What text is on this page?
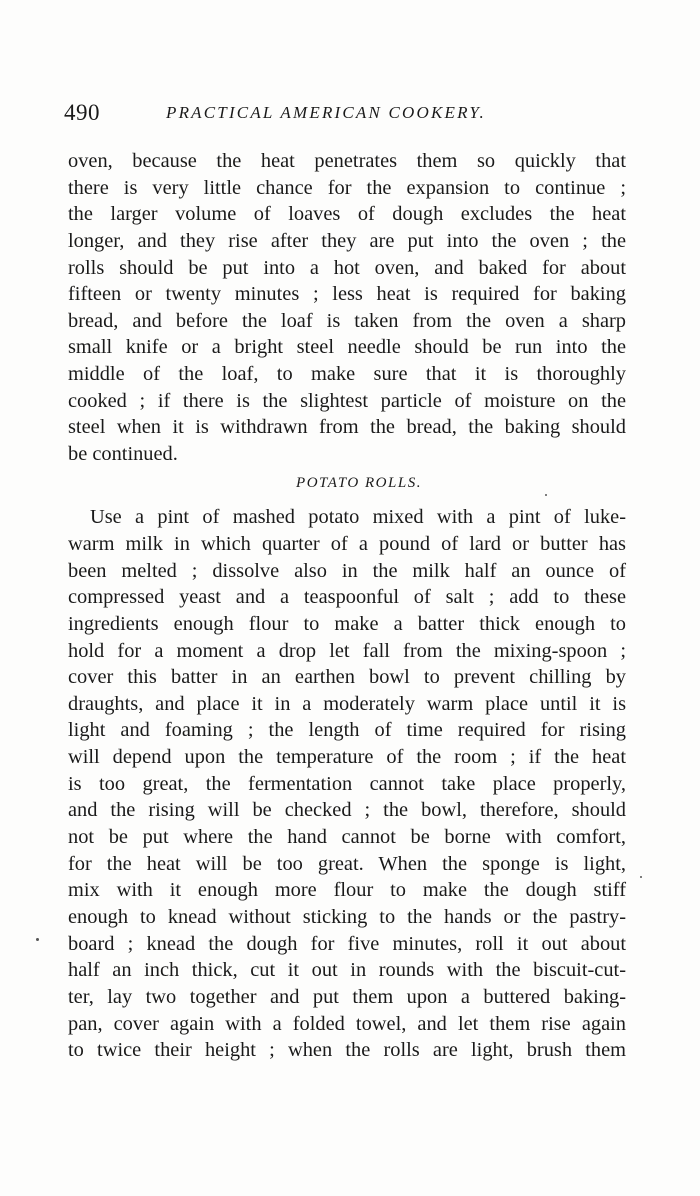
490	PRACTICAL AMERICAN COOKERY.
oven, because the heat penetrates them so quickly that
there is very little chance for the expansion to continue ;
the larger volume of loaves of dough excludes the heat
longer, and they rise after they are put into the oven ; the
rolls should be put into a hot oven, and baked for about
fifteen or twenty minutes ; less heat is required for baking
bread, and before the loaf is taken from the oven a sharp
small knife or a bright steel needle should be run into the
middle of the loaf, to make sure that it is thoroughly
cooked ; if there is the slightest particle of moisture on the
steel when it is withdrawn from the bread, the baking should
be continued.
POTATO ROLLS.
Use a pint of mashed potato mixed with a pint of luke-
warm milk in which quarter of a pound of lard or butter has
been melted ; dissolve also in the milk half an ounce of
compressed yeast and a teaspoonful of salt ; add to these
ingredients enough flour to make a batter thick enough to
hold for a moment a drop let fall from the mixing-spoon ;
cover this batter in an earthen bowl to prevent chilling by
draughts, and place it in a moderately warm place until it is
light and foaming ; the length of time required for rising
will depend upon the temperature of the room ; if the heat
is too great, the fermentation cannot take place properly,
and the rising will be checked ; the bowl, therefore, should
not be put where the hand cannot be borne with comfort,
for the heat will be too great. When the sponge is light,
mix with it enough more flour to make the dough stiff
enough to knead without sticking to the hands or the pastry-
board ; knead the dough for five minutes, roll it out about
half an inch thick, cut it out in rounds with the biscuit-cut-
ter, lay two together and put them upon a buttered baking-
pan, cover again with a folded towel, and let them rise again
to twice their height ; when the rolls are light, brush them
